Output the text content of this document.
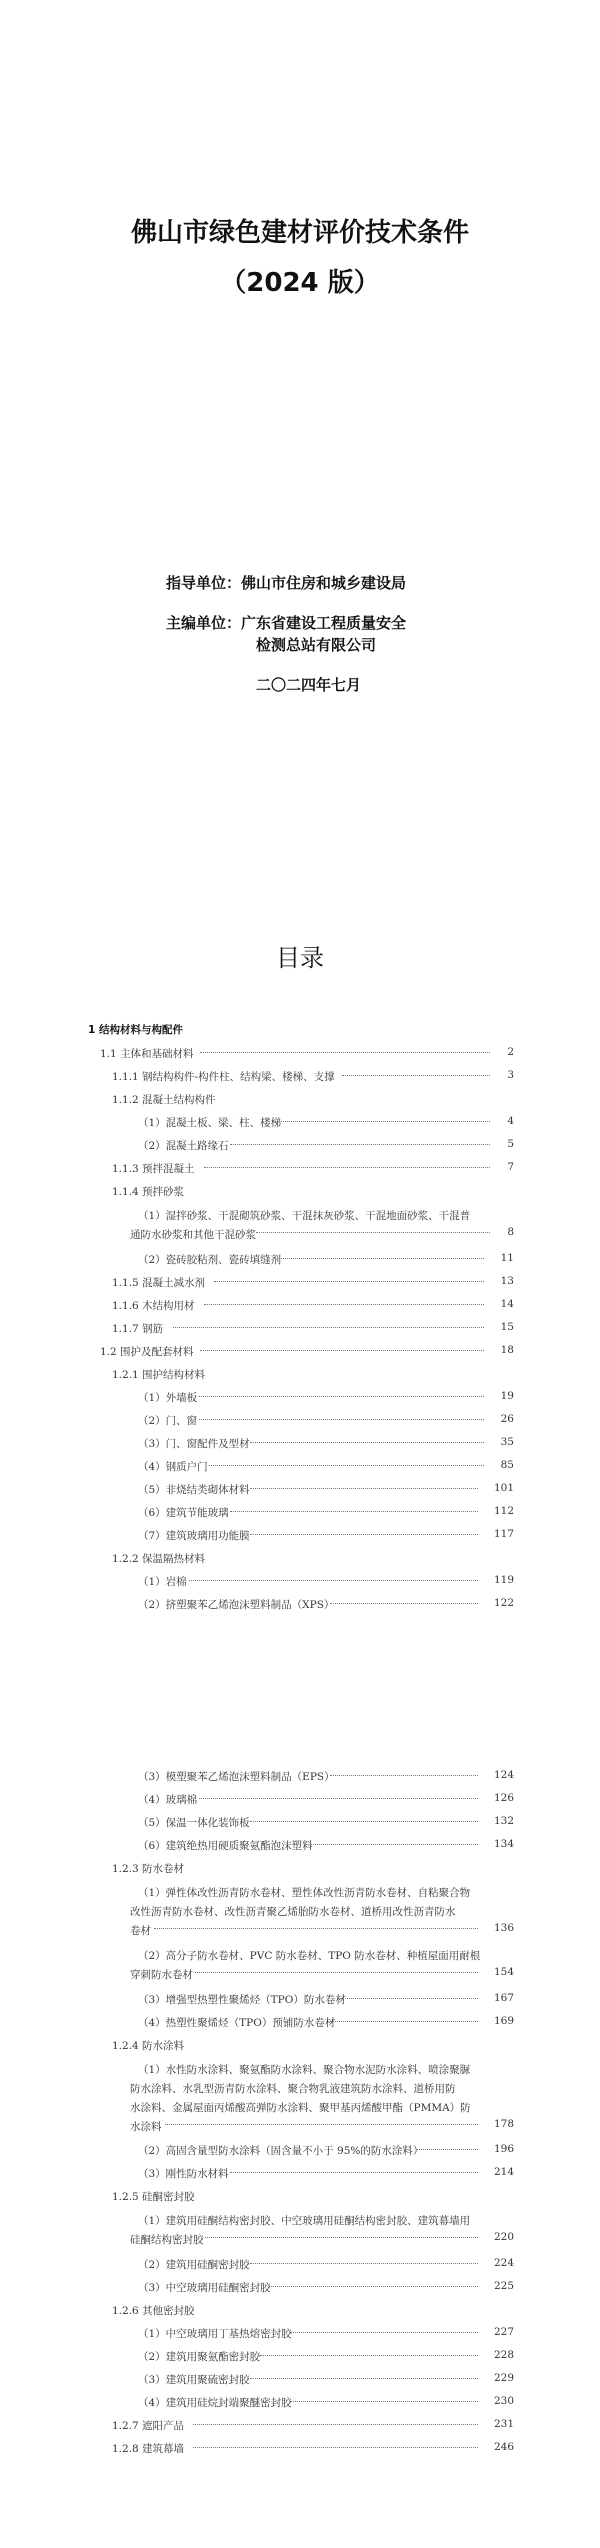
佛山市绿色建材评价技术条件
（2024 版）
指导单位： 佛山市住房和城乡建设局
主编单位： 广东省建设工程质量安全
检测总站有限公司
二〇二四年七月
目录
1 结构材料与构配件
1.1 主体和基础材料	2
1.1.1 钢结构构件-构件柱、结构梁、楼梯、支撑	3
1.1.2 混凝土结构构件
（1）混凝土板、梁、柱、楼梯	4
（2）混凝土路缘石	5
1.1.3 预拌混凝土	7
1.1.4 预拌砂浆
（1）湿拌砂浆、干混砌筑砂浆、干混抹灰砂浆、干混地面砂浆、干混普
通防水砂浆和其他干混砂浆	8
（2）瓷砖胶粘剂、瓷砖填缝剂	11
1.1.5 混凝土减水剂	13
1.1.6 木结构用材	14
1.1.7 钢筋	15
1.2 围护及配套材料	18
1.2.1 围护结构材料
（1）外墙板	19
（2）门、窗	26
（3）门、窗配件及型材	35
（4）钢质户门	85
（5）非烧结类砌体材料	101
（6）建筑节能玻璃	112
（7）建筑玻璃用功能膜	117
1.2.2 保温隔热材料
（1）岩棉	119
（2）挤塑聚苯乙烯泡沫塑料制品（XPS）	122
（3）模塑聚苯乙烯泡沫塑料制品（EPS）	124
（4）玻璃棉	126
（5）保温一体化装饰板	132
（6）建筑绝热用硬质聚氨酯泡沫塑料	134
1.2.3 防水卷材
（1）弹性体改性沥青防水卷材、塑性体改性沥青防水卷材、自粘聚合物
改性沥青防水卷材、改性沥青聚乙烯胎防水卷材、道桥用改性沥青防水
卷材	136
（2）高分子防水卷材、PVC 防水卷材、TPO 防水卷材、种植屋面用耐根
穿刺防水卷材	154
（3）增强型热塑性聚烯烃（TPO）防水卷材	167
（4）热塑性聚烯烃（TPO）预铺防水卷材	169
1.2.4 防水涂料
（1）水性防水涂料、聚氨酯防水涂料、聚合物水泥防水涂料、喷涂聚脲
防水涂料、水乳型沥青防水涂料、聚合物乳液建筑防水涂料、道桥用防
水涂料、金属屋面丙烯酸高弹防水涂料、聚甲基丙烯酸甲酯（PMMA）防
水涂料	178
（2）高固含量型防水涂料（固含量不小于 95%的防水涂料）	196
（3）刚性防水材料	214
1.2.5 硅酮密封胶
（1）建筑用硅酮结构密封胶、中空玻璃用硅酮结构密封胶、建筑幕墙用
硅酮结构密封胶	220
（2）建筑用硅酮密封胶	224
（3）中空玻璃用硅酮密封胶	225
1.2.6 其他密封胶
（1）中空玻璃用丁基热熔密封胶	227
（2）建筑用聚氨酯密封胶	228
（3）建筑用聚硫密封胶	229
（4）建筑用硅烷封端聚醚密封胶	230
1.2.7 遮阳产品	231
1.2.8 建筑幕墙	246
